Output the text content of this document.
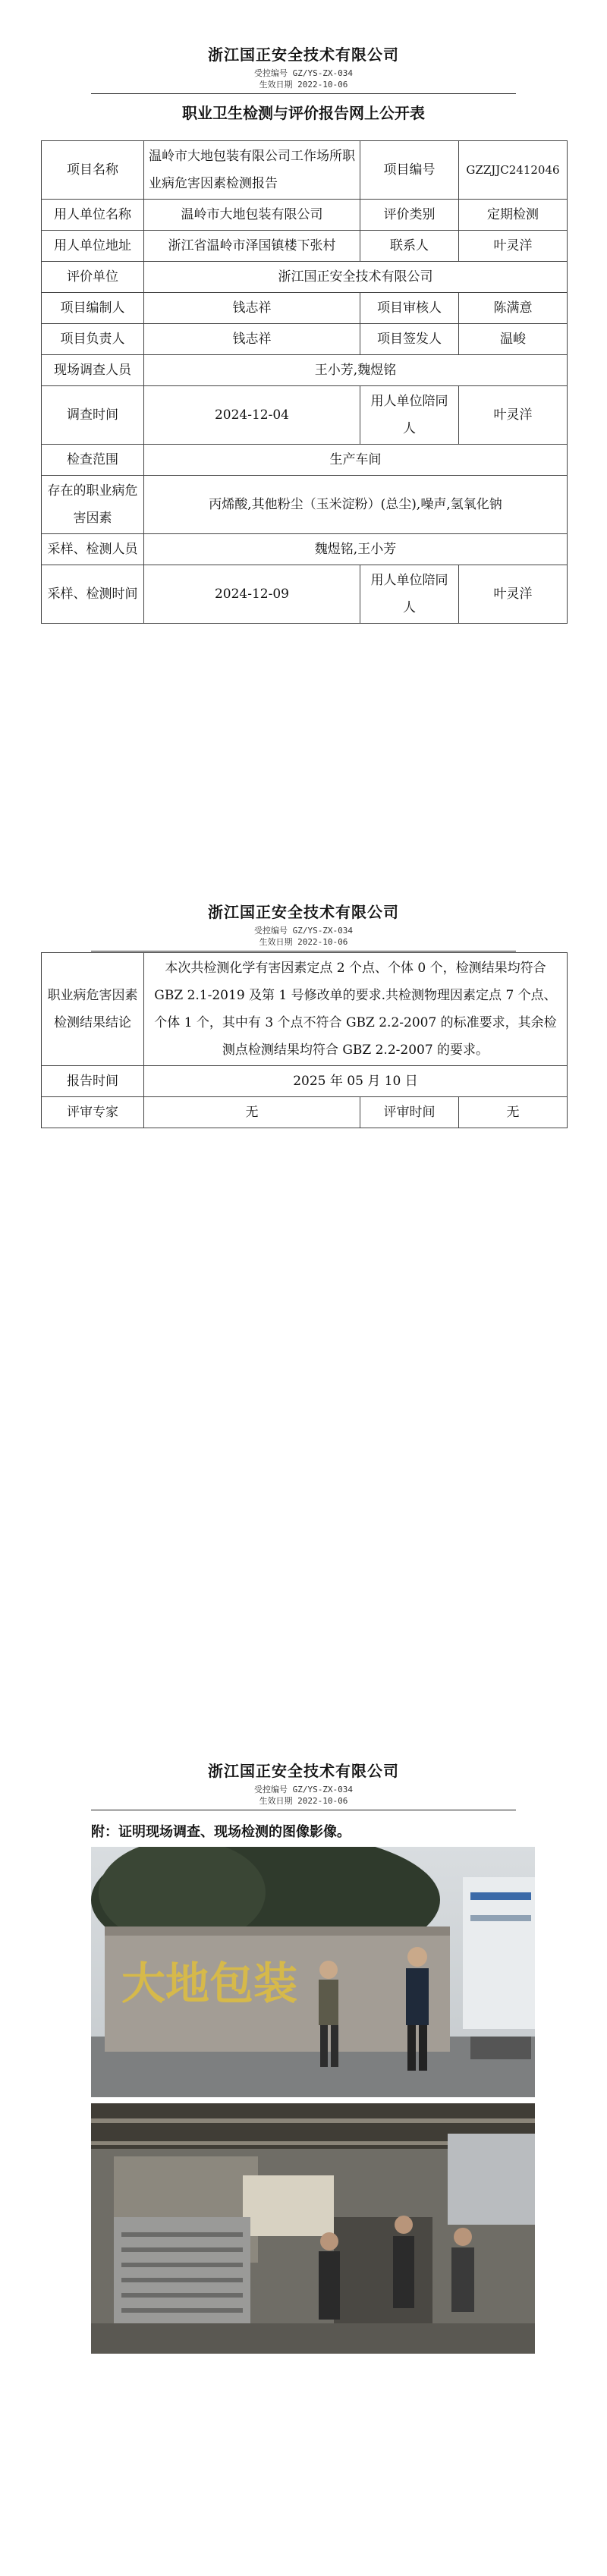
浙江国正安全技术有限公司
受控编号 GZ/YS-ZX-034
生效日期 2022-10-06
职业卫生检测与评价报告网上公开表
项目名称	温岭市大地包装有限公司工作场所职业病危害因素检测报告	项目编号	GZZJJC2412046
用人单位名称	温岭市大地包装有限公司	评价类别	定期检测
用人单位地址	浙江省温岭市泽国镇楼下张村	联系人	叶灵洋
评价单位	浙江国正安全技术有限公司		
项目编制人	钱志祥	项目审核人	陈满意
项目负责人	钱志祥	项目签发人	温峻
现场调查人员	王小芳,魏煜铭		
调查时间	2024-12-04	用人单位陪同人	叶灵洋
检查范围	生产车间		
存在的职业病危害因素	丙烯酸,其他粉尘（玉米淀粉）(总尘),噪声,氢氧化钠		
采样、检测人员	魏煜铭,王小芳		
采样、检测时间	2024-12-09	用人单位陪同人	叶灵洋
浙江国正安全技术有限公司
受控编号 GZ/YS-ZX-034
生效日期 2022-10-06
职业病危害因素检测结果结论	本次共检测化学有害因素定点 2 个点、个体 0 个，检测结果均符合 GBZ 2.1-2019 及第 1 号修改单的要求.共检测物理因素定点 7 个点、个体 1 个，其中有 3 个点不符合 GBZ 2.2-2007 的标准要求，其余检测点检测结果均符合 GBZ 2.2-2007 的要求。		
报告时间	2025 年 05 月 10 日		
评审专家	无	评审时间	无
浙江国正安全技术有限公司
受控编号 GZ/YS-ZX-034
生效日期 2022-10-06
附：证明现场调查、现场检测的图像影像。
大地包装
